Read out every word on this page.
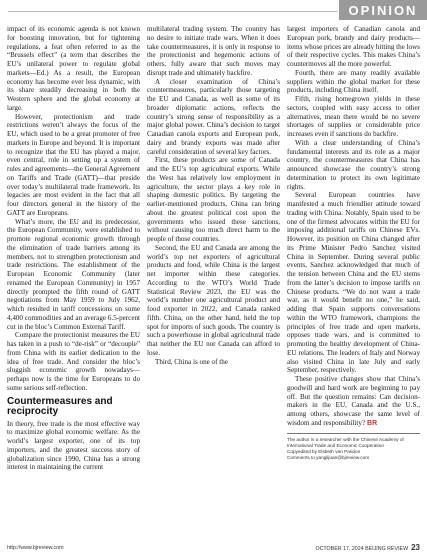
OPINION

impact of its economic agenda is not known for boosting innovation, but for tightening regulations, a feat often referred to as the “Brussels effect” (a term that describes the EU’s unilateral power to regulate global markets—Ed.) As a result, the European economy has become ever less dynamic, with its share steadily decreasing in both the Western sphere and the global economy at large.

However, protectionism and trade restrictions weren’t always the focus of the EU, which used to be a great promoter of free markets in Europe and beyond. It is important to recognize that the EU has played a major, even central, role in setting up a system of rules and agreements—the General Agreement on Tariffs and Trade (GATT)—that preside over today’s multilateral trade framework. Its legacies are most evident in the fact that all four directors general in the history of the GATT are Europeans.

What’s more, the EU and its predecessor, the European Community, were established to promote regional economic growth through the elimination of trade barriers among its members, not to strengthen protectionism and trade restrictions. The establishment of the European Economic Community (later renamed the European Community) in 1957 directly prompted the fifth round of GATT negotiations from May 1959 to July 1962, which resulted in tariff concessions on some 4,400 commodities and an average 6.5-percent cut in the bloc’s Common External Tariff.

Compare the protectionist measures the EU has taken in a push to “de-risk” or “decouple” from China with its earlier dedication to the idea of free trade. And consider the bloc’s sluggish economic growth nowadays—perhaps now is the time for Europeans to do some serious self-reflection.

Countermeasures and reciprocity

In theory, free trade is the most effective way to maximize global economic welfare. As the world’s largest exporter, one of its top importers, and the greatest success story of globalization since 1990, China has a strong interest in maintaining the current

multilateral trading system. The country has no desire to initiate trade wars. When it does take countermeasures, it is only in response to the protectionist and hegemonic actions of others, fully aware that such moves may disrupt trade and ultimately backfire.

A closer examination of China’s countermeasures, particularly those targeting the EU and Canada, as well as some of its broader diplomatic actions, reflects the country’s strong sense of responsibility as a major global power. China’s decision to target Canadian canola exports and European pork, dairy and brandy exports was made after careful consideration of several key factors.

First, these products are some of Canada and the EU’s top agricultural exports. While the West has relatively low employment in agriculture, the sector plays a key role in shaping domestic politics. By targeting the earlier-mentioned products, China can bring about the greatest political cost upon the governments who issued these sanctions, without causing too much direct harm to the people of those countries.

Second, the EU and Canada are among the world’s top net exporters of agricultural products and food, while China is the largest net importer within these categories. According to the WTO’s World Trade Statistical Review 2023, the EU was the world’s number one agricultural product and food exporter in 2022, and Canada ranked fifth. China, on the other hand, held the top spot for imports of such goods. The country is such a powerhouse in global agricultural trade that neither the EU nor Canada can afford to lose.

Third, China is one of the

largest importers of Canadian canola and European pork, brandy and dairy products—items whose prices are already hitting the lows of their respective cycles. This makes China’s countermoves all the more powerful.

Fourth, there are many readily available suppliers within the global market for these products, including China itself.

Fifth, rising homegrown yields in these sectors, coupled with easy access to other alternatives, mean there would be no severe shortages of supplies or considerable price increases even if sanctions do backfire.

With a clear understanding of China’s fundamental interests and its role as a major country, the countermeasures that China has announced showcase the country’s strong determination to protect its own legitimate rights.

Several European countries have manifested a much friendlier attitude toward trading with China. Notably, Spain used to be one of the firmest advocates within the EU for imposing additional tariffs on Chinese EVs. However, its position on China changed after its Prime Minister Pedro Sanchez visited China in September. During several public events, Sanchez acknowledged that much of the tension between China and the EU stems from the latter’s decision to impose tariffs on Chinese products. “We do not want a trade war, as it would benefit no one,” he said, adding that Spain supports conversations within the WTO framework, champions the principles of free trade and open markets, opposes trade wars, and is committed to promoting the healthy development of China-EU relations. The leaders of Italy and Norway also visited China in late July and early September, respectively.

These positive changes show that China’s goodwill and hard work are beginning to pay off. But the question remains: Can decision-makers in the EU, Canada and the U.S., among others, showcase the same level of wisdom and responsibility? BR

The author is a researcher with the Chinese Academy of International Trade and Economic Cooperation

Copyedited by Elsbeth van Paridon

Comments to yanglijuan@bjreview.com

http://www.bjreview.com	OCTOBER 17, 2024 BEIJING REVIEW 23
